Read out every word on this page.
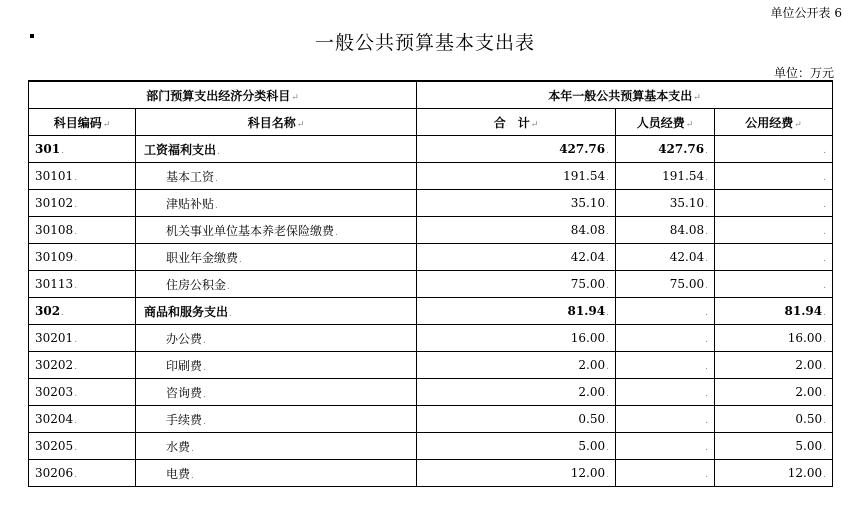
单位公开表 6
一般公共预算基本支出表
单位：万元
部门预算支出经济分类科目↵		本年一般公共预算基本支出↵		
科目编码↵	科目名称↵	合　计↵	人员经费↵	公用经费↵
301.	工资福利支出.	427.76.	427.76.	.
30101.	基本工资.	191.54.	191.54.	.
30102.	津贴补贴.	35.10.	35.10.	.
30108.	机关事业单位基本养老保险缴费.	84.08.	84.08.	.
30109.	职业年金缴费.	42.04.	42.04.	.
30113.	住房公积金.	75.00.	75.00.	.
302.	商品和服务支出.	81.94.	.	81.94.
30201.	办公费.	16.00.	.	16.00.
30202.	印刷费.	2.00.	.	2.00.
30203.	咨询费.	2.00.	.	2.00.
30204.	手续费.	0.50.	.	0.50.
30205.	水费.	5.00.	.	5.00.
30206.	电费.	12.00.	.	12.00.
